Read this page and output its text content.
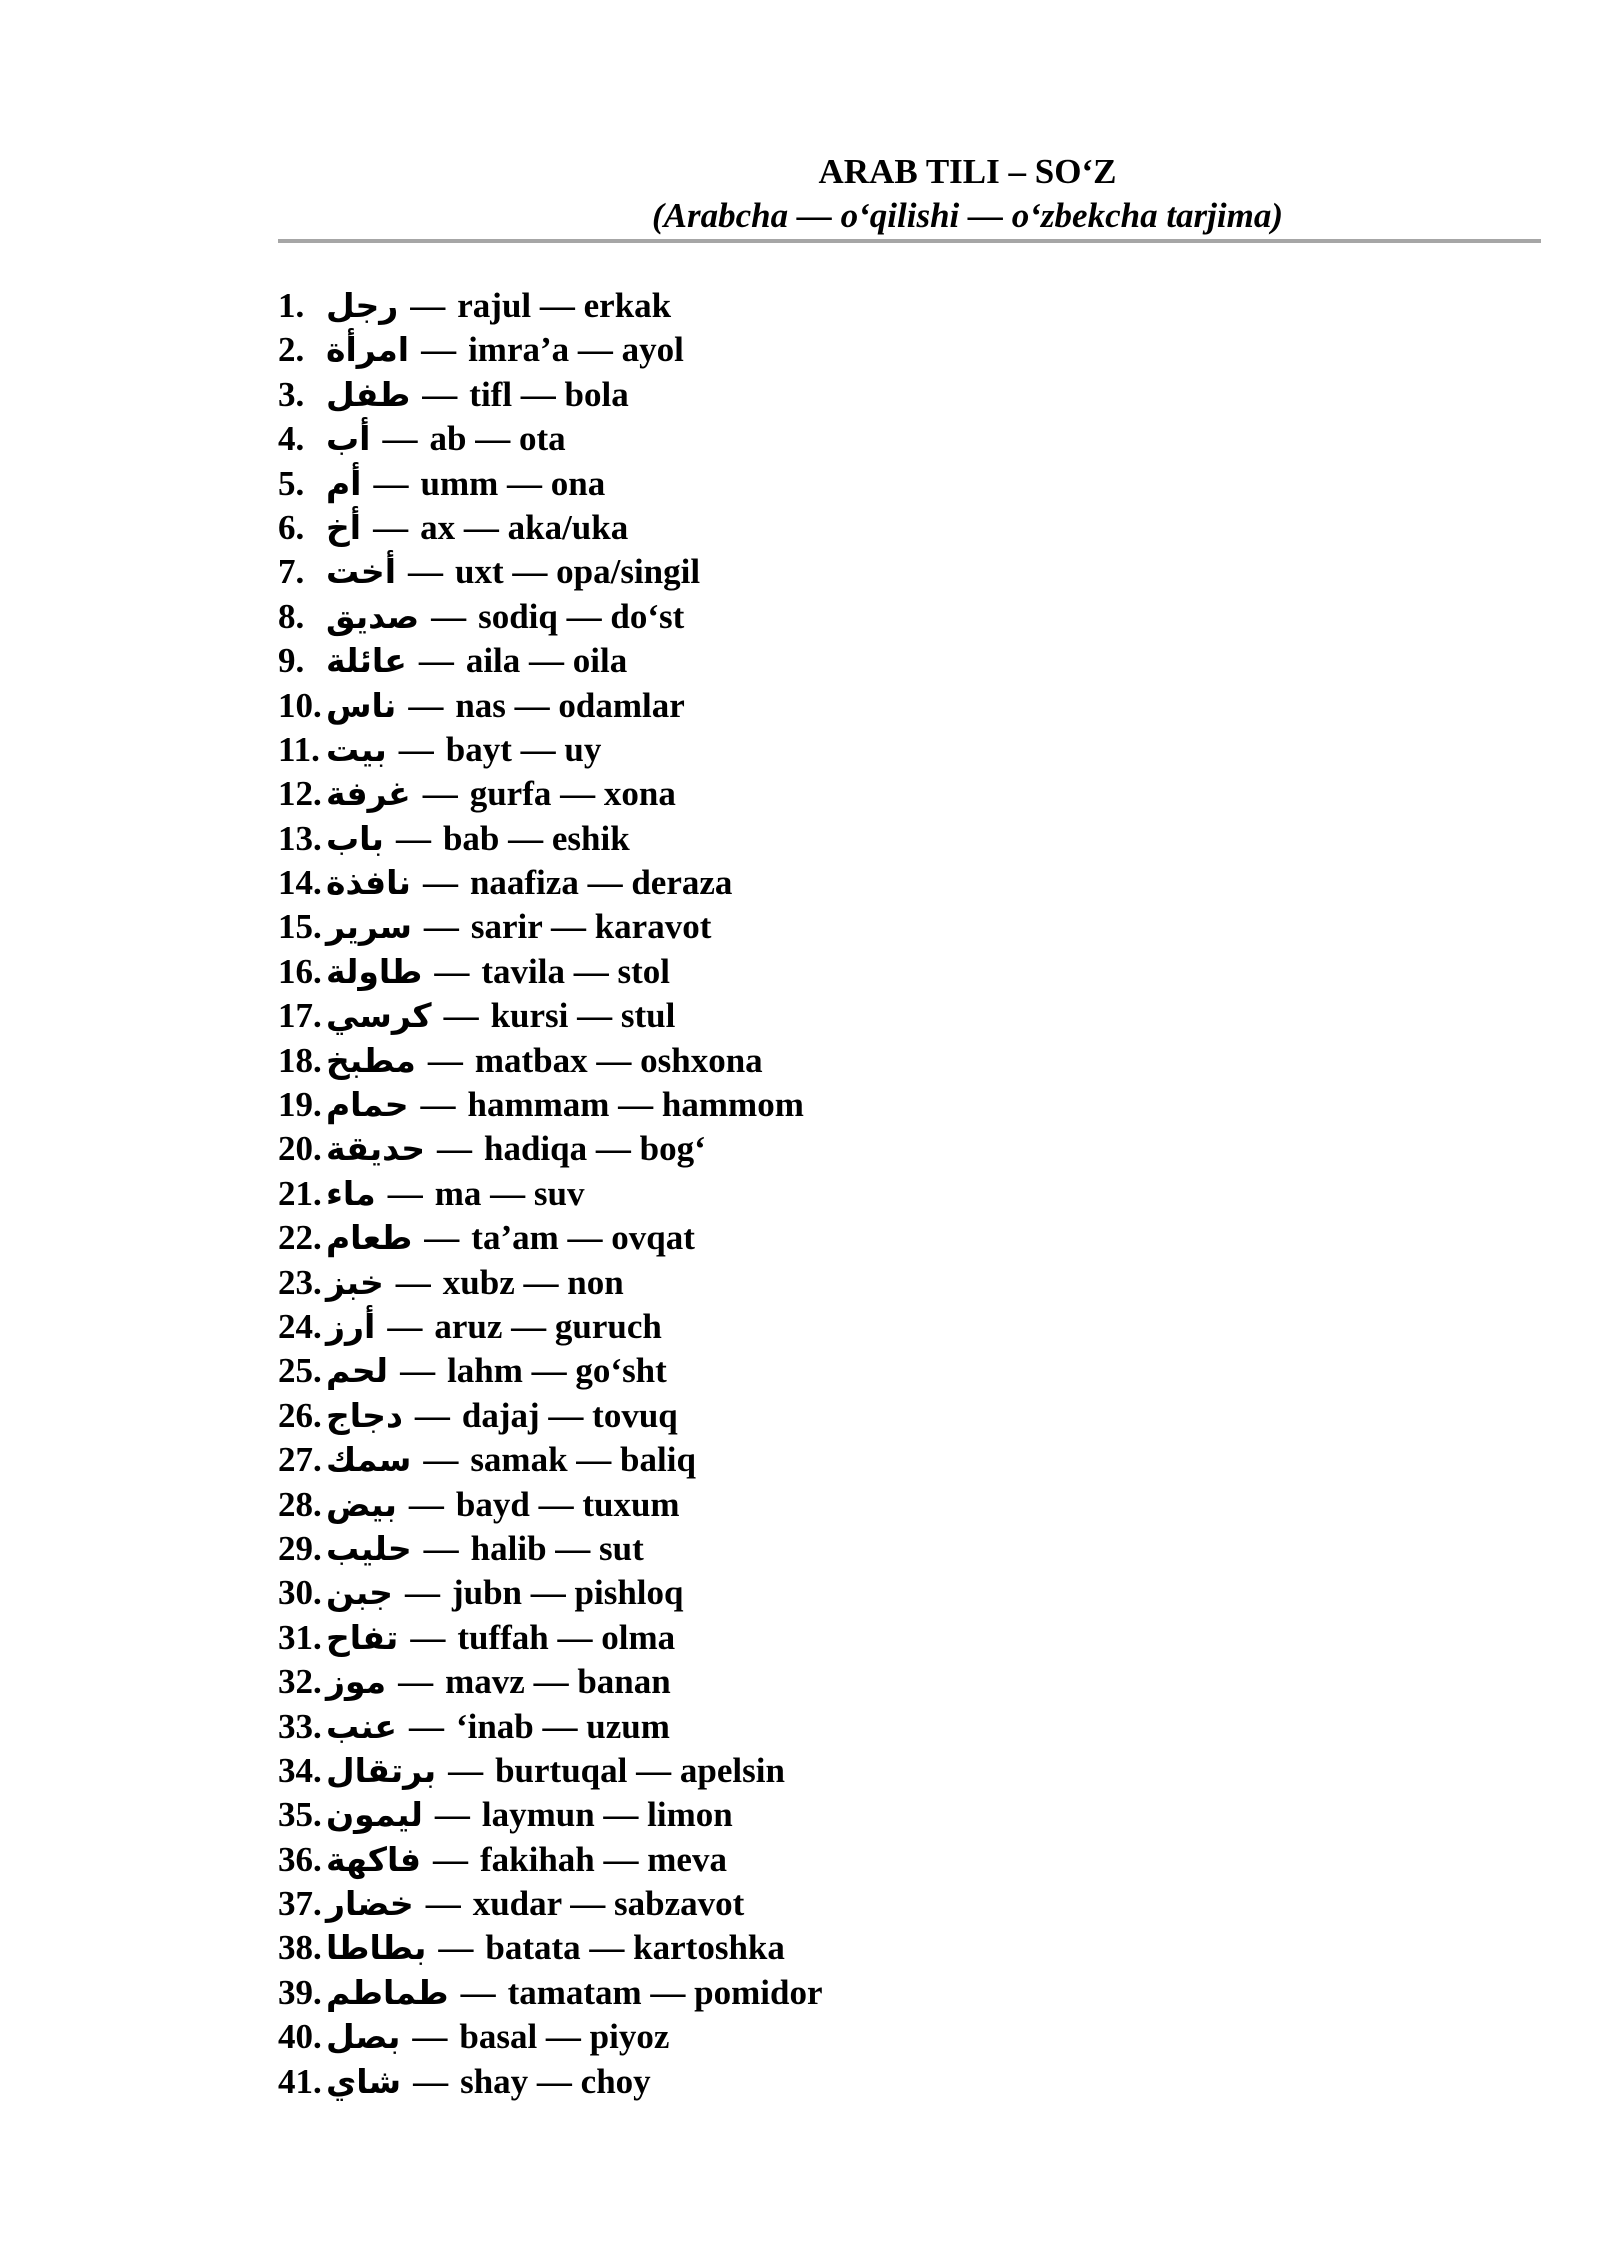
ARAB TILI – SO‘Z
(Arabcha — o‘qilishi — o‘zbekcha tarjima)
1. رجل — rajul — erkak
2. امرأة — imra’a — ayol
3. طفل — tifl — bola
4. أب — ab — ota
5. أم — umm — ona
6. أخ — ax — aka/uka
7. أخت — uxt — opa/singil
8. صديق — sodiq — do‘st
9. عائلة — aila — oila
10. ناس — nas — odamlar
11. بيت — bayt — uy
12. غرفة — gurfa — xona
13. باب — bab — eshik
14. نافذة — naafiza — deraza
15. سرير — sarir — karavot
16. طاولة — tavila — stol
17. كرسي — kursi — stul
18. مطبخ — matbax — oshxona
19. حمام — hammam — hammom
20. حديقة — hadiqa — bog‘
21. ماء — ma — suv
22. طعام — ta’am — ovqat
23. خبز — xubz — non
24. أرز — aruz — guruch
25. لحم — lahm — go‘sht
26. دجاج — dajaj — tovuq
27. سمك — samak — baliq
28. بيض — bayd — tuxum
29. حليب — halib — sut
30. جبن — jubn — pishloq
31. تفاح — tuffah — olma
32. موز — mavz — banan
33. عنب — ‘inab — uzum
34. برتقال — burtuqal — apelsin
35. ليمون — laymun — limon
36. فاكهة — fakihah — meva
37. خضار — xudar — sabzavot
38. بطاطا — batata — kartoshka
39. طماطم — tamatam — pomidor
40. بصل — basal — piyoz
41. شاي — shay — choy
